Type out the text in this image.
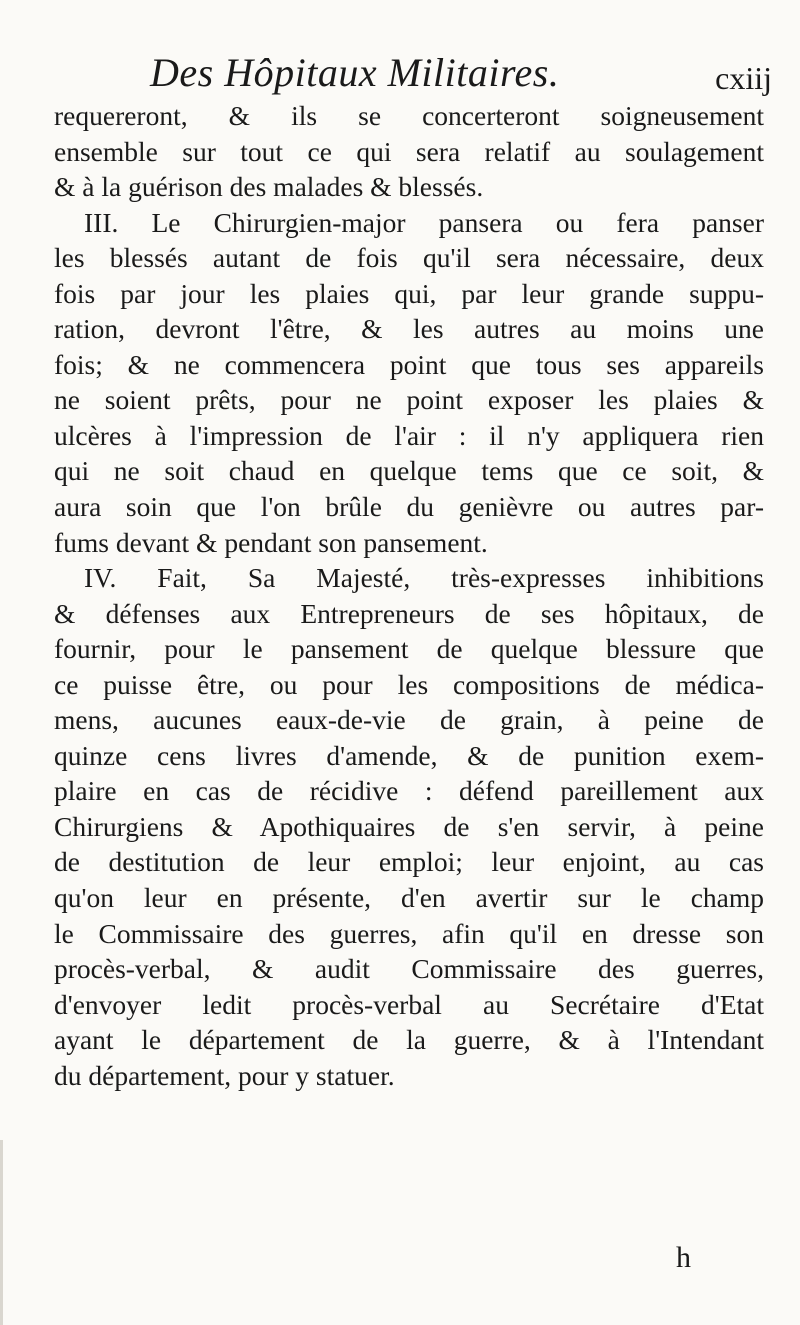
Des Hôpitaux Militaires.	cxiij
requereront, & ils se concerteront soigneusement
ensemble sur tout ce qui sera relatif au soulagement
& à la guérison des malades & blessés.
III. Le Chirurgien-major pansera ou fera panser
les blessés autant de fois qu'il sera nécessaire, deux
fois par jour les plaies qui, par leur grande suppu-
ration, devront l'être, & les autres au moins une
fois; & ne commencera point que tous ses appareils
ne soient prêts, pour ne point exposer les plaies &
ulcères à l'impression de l'air : il n'y appliquera rien
qui ne soit chaud en quelque tems que ce soit, &
aura soin que l'on brûle du genièvre ou autres par-
fums devant & pendant son pansement.
IV. Fait, Sa Majesté, très-expresses inhibitions
& défenses aux Entrepreneurs de ses hôpitaux, de
fournir, pour le pansement de quelque blessure que
ce puisse être, ou pour les compositions de médica-
mens, aucunes eaux-de-vie de grain, à peine de
quinze cens livres d'amende, & de punition exem-
plaire en cas de récidive : défend pareillement aux
Chirurgiens & Apothiquaires de s'en servir, à peine
de destitution de leur emploi; leur enjoint, au cas
qu'on leur en présente, d'en avertir sur le champ
le Commissaire des guerres, afin qu'il en dresse son
procès-verbal, & audit Commissaire des guerres,
d'envoyer ledit procès-verbal au Secrétaire d'Etat
ayant le département de la guerre, & à l'Intendant
du département, pour y statuer.
h
